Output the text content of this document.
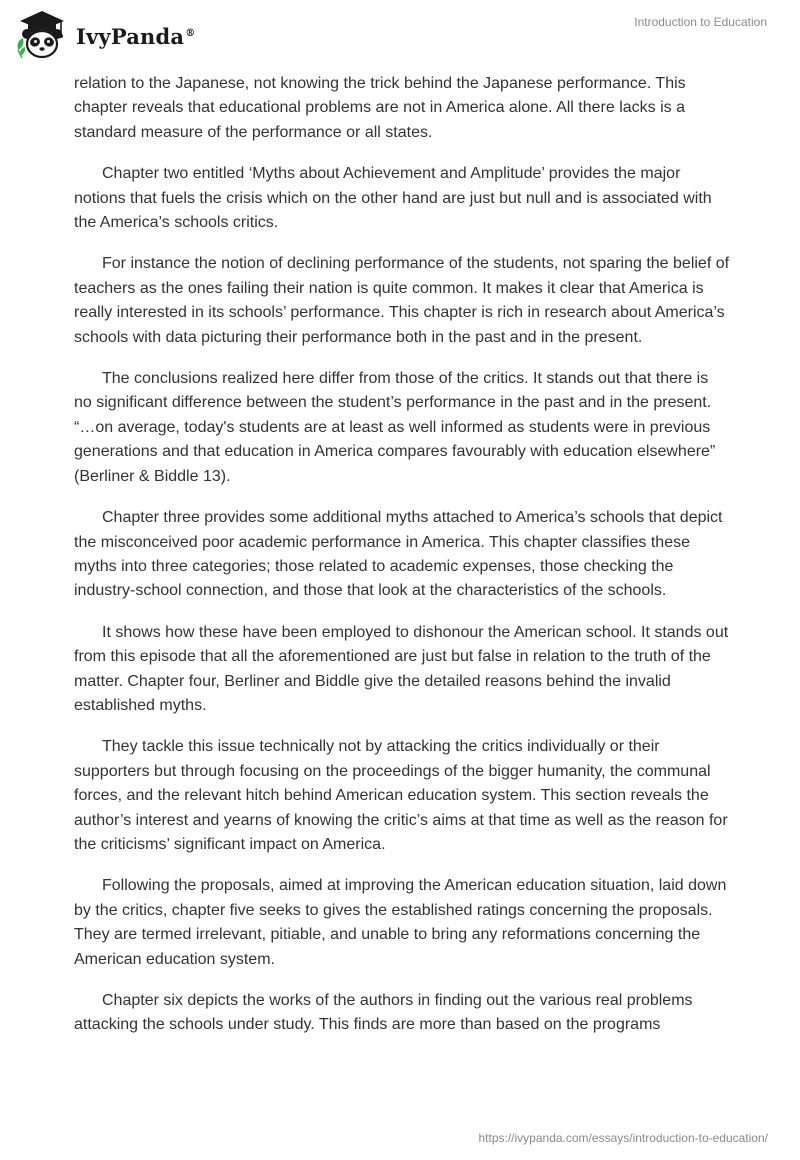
IvyPanda®
Introduction to Education

relation to the Japanese, not knowing the trick behind the Japanese performance. This chapter reveals that educational problems are not in America alone. All there lacks is a standard measure of the performance or all states.

Chapter two entitled ‘Myths about Achievement and Amplitude’ provides the major notions that fuels the crisis which on the other hand are just but null and is associated with the America’s schools critics.

For instance the notion of declining performance of the students, not sparing the belief of teachers as the ones failing their nation is quite common. It makes it clear that America is really interested in its schools’ performance. This chapter is rich in research about America’s schools with data picturing their performance both in the past and in the present.

The conclusions realized here differ from those of the critics. It stands out that there is no significant difference between the student’s performance in the past and in the present. “…on average, today's students are at least as well informed as students were in previous generations and that education in America compares favourably with education elsewhere” (Berliner & Biddle 13).

Chapter three provides some additional myths attached to America’s schools that depict the misconceived poor academic performance in America. This chapter classifies these myths into three categories; those related to academic expenses, those checking the industry-school connection, and those that look at the characteristics of the schools.

It shows how these have been employed to dishonour the American school. It stands out from this episode that all the aforementioned are just but false in relation to the truth of the matter. Chapter four, Berliner and Biddle give the detailed reasons behind the invalid established myths.

They tackle this issue technically not by attacking the critics individually or their supporters but through focusing on the proceedings of the bigger humanity, the communal forces, and the relevant hitch behind American education system. This section reveals the author’s interest and yearns of knowing the critic’s aims at that time as well as the reason for the criticisms’ significant impact on America.

Following the proposals, aimed at improving the American education situation, laid down by the critics, chapter five seeks to gives the established ratings concerning the proposals. They are termed irrelevant, pitiable, and unable to bring any reformations concerning the American education system.

Chapter six depicts the works of the authors in finding out the various real problems attacking the schools under study. This finds are more than based on the programs

https://ivypanda.com/essays/introduction-to-education/
